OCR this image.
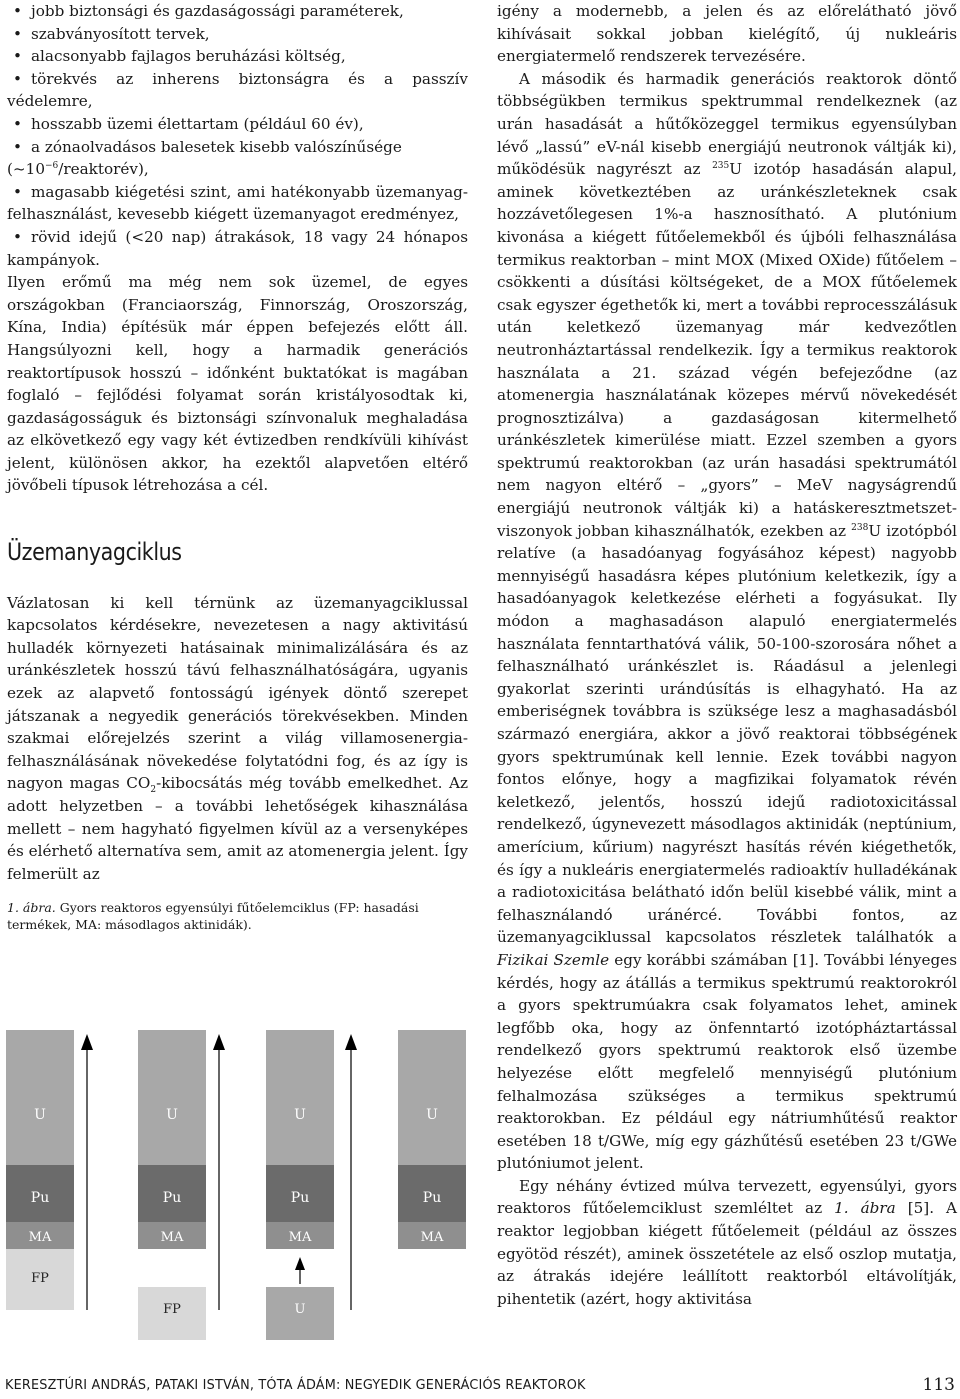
• jobb biztonsági és gazdaságossági paraméterek,
• szabványosított tervek,
• alacsonyabb fajlagos beruházási költség,
• törekvés az inherens biztonságra és a passzív védelemre,
• hosszabb üzemi élettartam (például 60 év),
• a zónaolvadásos balesetek kisebb valószínűsége
$(\sim 10^{-6}/reaktorév)$,
• magasabb kiégetési szint, ami hatékonyabb üzemanyag-felhasználást, kevesebb kiégett üzemanyagot eredményez,
• rövid idejű (<20 nap) átrakások, 18 vagy 24 hónapos kampányok.

Ilyen erőmű ma még nem sok üzemel, de egyes országokban (Franciaország, Finnország, Oroszország, Kína, India) építésük már éppen befejezés előtt áll. Hangsúlyozni kell, hogy a harmadik generációs reaktortípusok hosszú – időnként buktatókat is magában foglaló – fejlődési folyamat során kristályosodtak ki, gazdaságosságuk és biztonsági színvonaluk meghaladása az elkövetkező egy vagy két évtizedben rendkívüli kihívást jelent, különösen akkor, ha ezektől alapvetően eltérő jövőbeli típusok létrehozása a cél.

Üzemanyagciklus

Vázlatosan ki kell térnünk az üzemanyagciklussal kapcsolatos kérdésekre, nevezetesen a nagy aktivitású hulladék környezeti hatásainak minimalizálására és az uránkészletek hosszú távú felhasználhatóságára, ugyanis ezek az alapvető fontosságú igények döntő szerepet játszanak a negyedik generációs törekvésekben. Minden szakmai előrejelzés szerint a világ villamosenergia-felhasználásának növekedése folytatódni fog, és az így is nagyon magas $CO_2$-kibocsátás még tovább emelkedhet. Az adott helyzetben – a további lehetőségek kihasználása mellett – nem hagyható figyelmen kívül az a versenyképes és elérhető alternatíva sem, amit az atomenergia jelent. Így felmerült az

1. ábra. Gyors reaktoros egyensúlyi fűtőelemciklus (FP: hasadási termékek, MA: másodlagos aktinidák).

U
Pu
MA
FP
U
Pu
MA
FP
U
Pu
MA
U
U
Pu
MA

igény a modernebb, a jelen és az előrelátható jövő kihívásait sokkal jobban kielégítő, új nukleáris energiatermelő rendszerek tervezésére.

A második és harmadik generációs reaktorok döntő többségükben termikus spektrummal rendelkeznek (az urán hasadását a hűtőközeggel termikus egyensúlyban lévő „lassú” eV-nál kisebb energiájú neutronok váltják ki), működésük nagyrészt az $^{235}$U izotóp hasadásán alapul, aminek következtében az uránkészleteknek csak hozzávetőlegesen 1%-a hasznosítható. A plutónium kivonása a kiégett fűtőelemekből és újbóli felhasználása termikus reaktorban – mint MOX (Mixed OXide) fűtőelem – csökkenti a dúsítási költségeket, de a MOX fűtőelemek csak egyszer égethetők ki, mert a további reprocesszálásuk után keletkező üzemanyag már kedvezőtlen neutronháztartással rendelkezik. Így a termikus reaktorok használata a 21. század végén befejeződne (az atomenergia használatának közepes mérvű növekedését prognosztizálva) a gazdaságosan kitermelhető uránkészletek kimerülése miatt. Ezzel szemben a gyors spektrumú reaktorokban (az urán hasadási spektrumától nem nagyon eltérő – „gyors” – MeV nagyságrendű energiájú neutronok váltják ki) a hatáskeresztmetszet-viszonyok jobban kihasználhatók, ezekben az $^{238}$U izotópból relatíve (a hasadóanyag fogyásához képest) nagyobb mennyiségű hasadásra képes plutónium keletkezik, így a hasadóanyagok keletkezése elérheti a fogyásukat. Ily módon a maghasadáson alapuló energiatermelés használata fenntarthatóvá válik, 50-100-szorosára nőhet a felhasználható uránkészlet is. Ráadásul a jelenlegi gyakorlat szerinti urándúsítás is elhagyható. Ha az emberiségnek továbbra is szüksége lesz a maghasadásból származó energiára, akkor a jövő reaktorai többségének gyors spektrumúnak kell lennie. Ezek további nagyon fontos előnye, hogy a magfizikai folyamatok révén keletkező, jelentős, hosszú idejű radiotoxicitással rendelkező, úgynevezett másodlagos aktinidák (neptúnium, amerícium, kűrium) nagyrészt hasítás révén kiégethetők, és így a nukleáris energiatermelés radioaktív hulladékának a radiotoxicitása belátható időn belül kisebbé válik, mint a felhasználandó uránércé. További fontos, az üzemanyagciklussal kapcsolatos részletek találhatók a Fizikai Szemle egy korábbi számában [1]. További lényeges kérdés, hogy az átállás a termikus spektrumú reaktorokról a gyors spektrumúakra csak folyamatos lehet, aminek legfőbb oka, hogy az önfenntartó izotópháztartással rendelkező gyors spektrumú reaktorok első üzembe helyezése előtt megfelelő mennyiségű plutónium felhalmozása szükséges a termikus spektrumú reaktorokban. Ez például egy nátriumhűtésű reaktor esetében 18 t/GWe, míg egy gázhűtésű esetében 23 t/GWe plutóniumot jelent.

Egy néhány évtized múlva tervezett, egyensúlyi, gyors reaktoros fűtőelemciklust szemléltet az 1. ábra [5]. A reaktor legjobban kiégett fűtőelemeit (például az összes egyötöd részét), aminek összetétele az első oszlop mutatja, az átrakás idejére leállított reaktorból eltávolítják, pihentetik (azért, hogy aktivitása

KERESZTÚRI ANDRÁS, PATAKI ISTVÁN, TÓTA ÁDÁM: NEGYEDIK GENERÁCIÓS REAKTOROK	113
